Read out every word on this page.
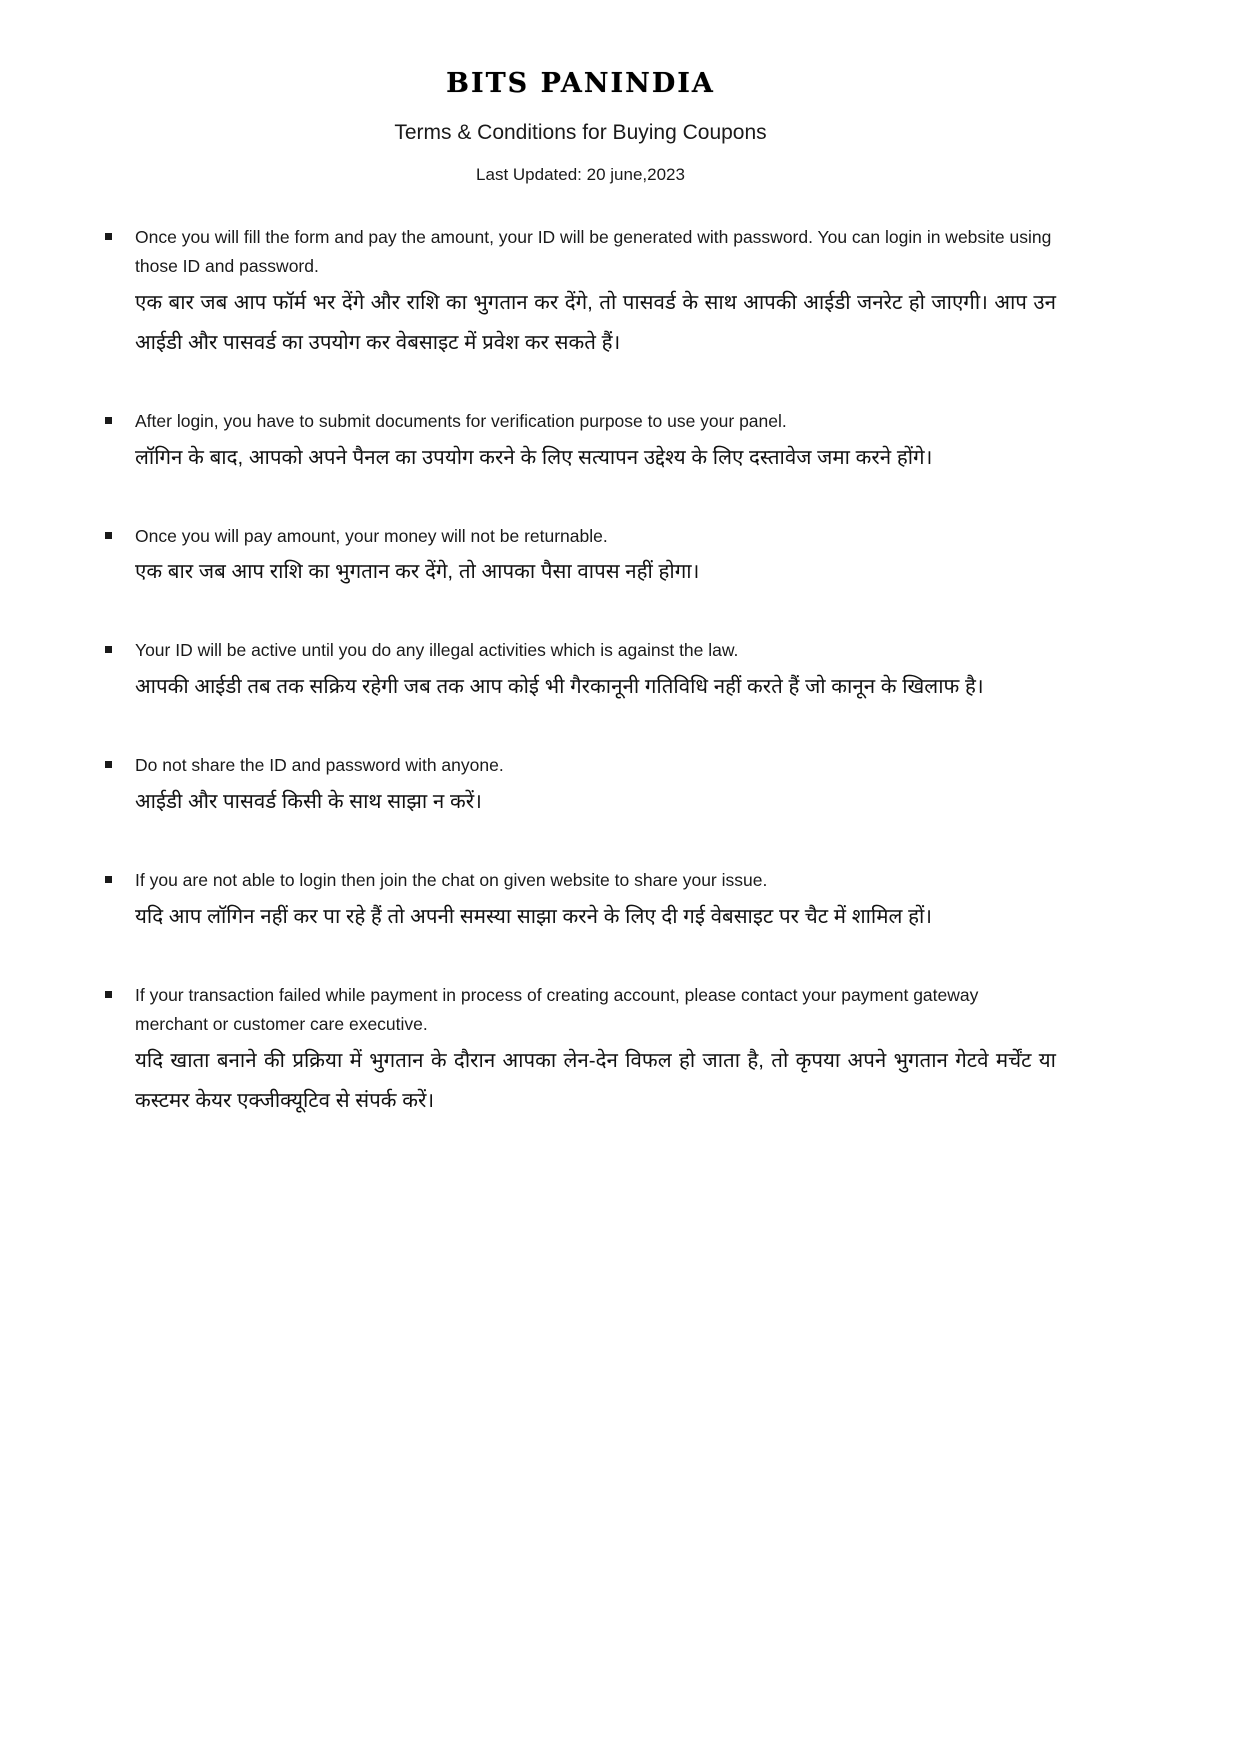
BITS PANINDIA
Terms & Conditions for Buying Coupons
Last Updated: 20 june,2023

Once you will fill the form and pay the amount, your ID will be generated with password. You can login in website using those ID and password.

एक बार जब आप फॉर्म भर देंगे और राशि का भुगतान कर देंगे, तो पासवर्ड के साथ आपकी आईडी जनरेट हो जाएगी। आप उन आईडी और पासवर्ड का उपयोग कर वेबसाइट में प्रवेश कर सकते हैं।

After login, you have to submit documents for verification purpose to use your panel.

लॉगिन के बाद, आपको अपने पैनल का उपयोग करने के लिए सत्यापन उद्देश्य के लिए दस्तावेज जमा करने होंगे।

Once you will pay amount, your money will not be returnable.

एक बार जब आप राशि का भुगतान कर देंगे, तो आपका पैसा वापस नहीं होगा।

Your ID will be active until you do any illegal activities which is against the law.

आपकी आईडी तब तक सक्रिय रहेगी जब तक आप कोई भी गैरकानूनी गतिविधि नहीं करते हैं जो कानून के खिलाफ है।

Do not share the ID and password with anyone.

आईडी और पासवर्ड किसी के साथ साझा न करें।

If you are not able to login then join the chat on given website to share your issue.

यदि आप लॉगिन नहीं कर पा रहे हैं तो अपनी समस्या साझा करने के लिए दी गई वेबसाइट पर चैट में शामिल हों।

If your transaction failed while payment in process of creating account, please contact your payment gateway merchant or customer care executive.

यदि खाता बनाने की प्रक्रिया में भुगतान के दौरान आपका लेन-देन विफल हो जाता है, तो कृपया अपने भुगतान गेटवे मर्चेंट या कस्टमर केयर एक्जीक्यूटिव से संपर्क करें।
